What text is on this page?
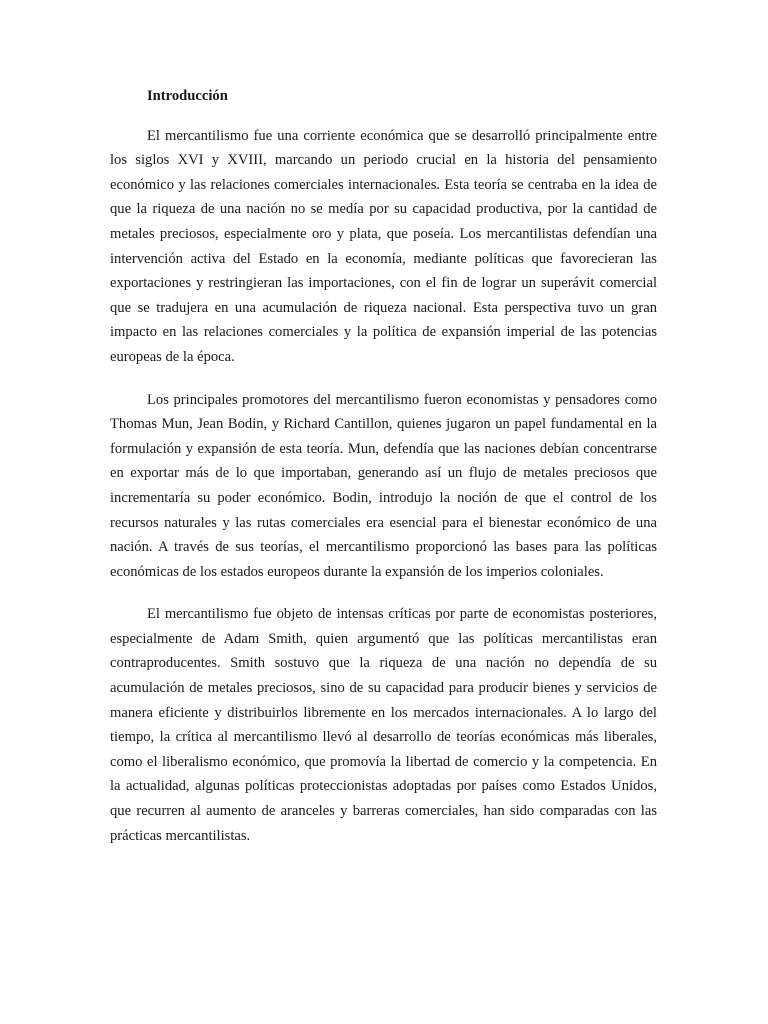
Introducción

El mercantilismo fue una corriente económica que se desarrolló principalmente entre los siglos XVI y XVIII, marcando un periodo crucial en la historia del pensamiento económico y las relaciones comerciales internacionales. Esta teoría se centraba en la idea de que la riqueza de una nación no se medía por su capacidad productiva, por la cantidad de metales preciosos, especialmente oro y plata, que poseía. Los mercantilistas defendían una intervención activa del Estado en la economía, mediante políticas que favorecieran las exportaciones y restringieran las importaciones, con el fin de lograr un superávit comercial que se tradujera en una acumulación de riqueza nacional. Esta perspectiva tuvo un gran impacto en las relaciones comerciales y la política de expansión imperial de las potencias europeas de la época.

Los principales promotores del mercantilismo fueron economistas y pensadores como Thomas Mun, Jean Bodin, y Richard Cantillon, quienes jugaron un papel fundamental en la formulación y expansión de esta teoría. Mun, defendía que las naciones debían concentrarse en exportar más de lo que importaban, generando así un flujo de metales preciosos que incrementaría su poder económico. Bodin, introdujo la noción de que el control de los recursos naturales y las rutas comerciales era esencial para el bienestar económico de una nación. A través de sus teorías, el mercantilismo proporcionó las bases para las políticas económicas de los estados europeos durante la expansión de los imperios coloniales.

El mercantilismo fue objeto de intensas críticas por parte de economistas posteriores, especialmente de Adam Smith, quien argumentó que las políticas mercantilistas eran contraproducentes. Smith sostuvo que la riqueza de una nación no dependía de su acumulación de metales preciosos, sino de su capacidad para producir bienes y servicios de manera eficiente y distribuirlos libremente en los mercados internacionales. A lo largo del tiempo, la crítica al mercantilismo llevó al desarrollo de teorías económicas más liberales, como el liberalismo económico, que promovía la libertad de comercio y la competencia. En la actualidad, algunas políticas proteccionistas adoptadas por países como Estados Unidos, que recurren al aumento de aranceles y barreras comerciales, han sido comparadas con las prácticas mercantilistas.
